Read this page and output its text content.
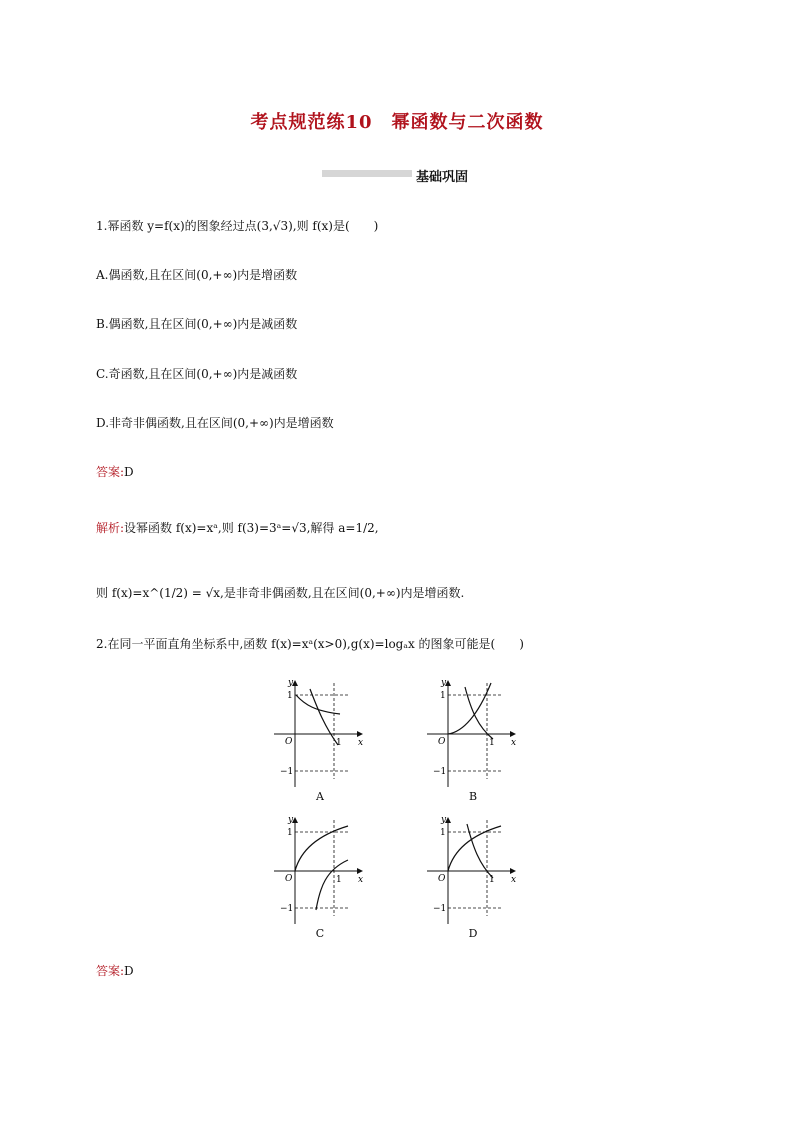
考点规范练10　幂函数与二次函数
基础巩固
1.幂函数 y=f(x)的图象经过点(3,√3),则 f(x)是(　　)
A.偶函数,且在区间(0,+∞)内是增函数
B.偶函数,且在区间(0,+∞)内是减函数
C.奇函数,且在区间(0,+∞)内是减函数
D.非奇非偶函数,且在区间(0,+∞)内是增函数
答案:D
解析:设幂函数 f(x)=xᵃ,则 f(3)=3ᵃ=√3,解得 a=1/2,
则 f(x)=x^(1/2) = √x,是非奇非偶函数,且在区间(0,+∞)内是增函数.
2.在同一平面直角坐标系中,函数 f(x)=xᵃ(x>0),g(x)=logₐx 的图象可能是(　　)
y
x
O
1
−1
1
A
y
x
O
1
−1
1
B
y
x
O
1
−1
1
C
y
x
O
1
−1
1
D
答案:D
